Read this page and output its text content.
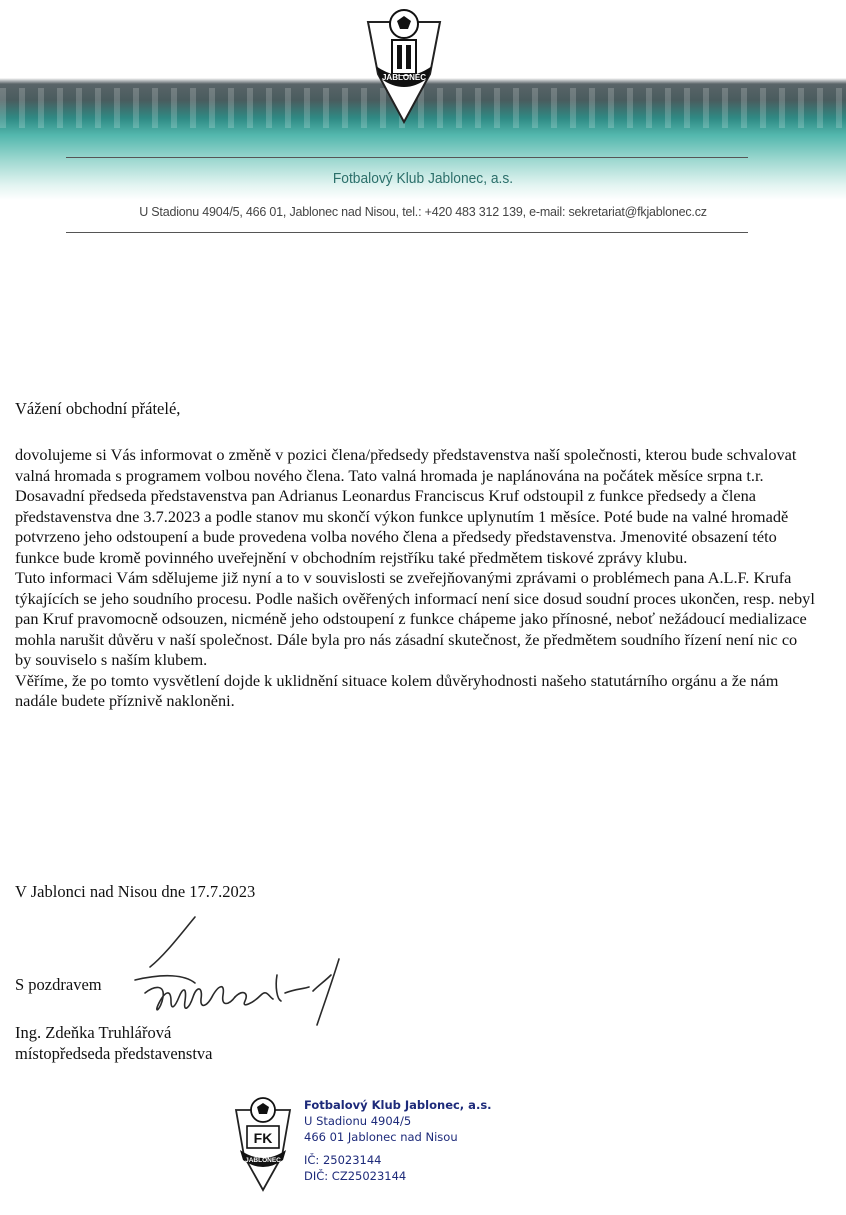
JABLONEC
Fotbalový Klub Jablonec, a.s.
U Stadionu 4904/5, 466 01, Jablonec nad Nisou, tel.: +420 483 312 139, e-mail: sekretariat@fkjablonec.cz
Vážení obchodní přátelé,

dovolujeme si Vás informovat o změně v pozici člena/předsedy představenstva naší společnosti, kterou bude schvalovat valná hromada s programem volbou nového člena. Tato valná hromada je naplánována na počátek měsíce srpna t.r.

Dosavadní předseda představenstva pan Adrianus Leonardus Franciscus Kruf odstoupil z funkce předsedy a člena představenstva dne 3.7.2023 a podle stanov mu skončí výkon funkce uplynutím 1 měsíce. Poté bude na valné hromadě potvrzeno jeho odstoupení a bude provedena volba nového člena a předsedy představenstva. Jmenovité obsazení této funkce bude kromě povinného uveřejnění v obchodním rejstříku také předmětem tiskové zprávy klubu.

Tuto informaci Vám sdělujeme již nyní a to v souvislosti se zveřejňovanými zprávami o problémech pana A.L.F. Krufa týkajících se jeho soudního procesu. Podle našich ověřených informací není sice dosud soudní proces ukončen, resp. nebyl pan Kruf pravomocně odsouzen, nicméně jeho odstoupení z funkce chápeme jako přínosné, neboť nežádoucí medializace mohla narušit důvěru v naší společnost. Dále byla pro nás zásadní skutečnost, že předmětem soudního řízení není nic co by souviselo s naším klubem.

Věříme, že po tomto vysvětlení dojde k uklidnění situace kolem důvěryhodnosti našeho statutárního orgánu a že nám nadále budete příznivě nakloněni.

V Jablonci nad Nisou dne 17.7.2023
S pozdravem
Ing. Zdeňka Truhlářová
místopředseda představenstva
FK
JABLONEC
Fotbalový Klub Jablonec, a.s.
U Stadionu 4904/5
466 01 Jablonec nad Nisou
IČ: 25023144
DIČ: CZ25023144
